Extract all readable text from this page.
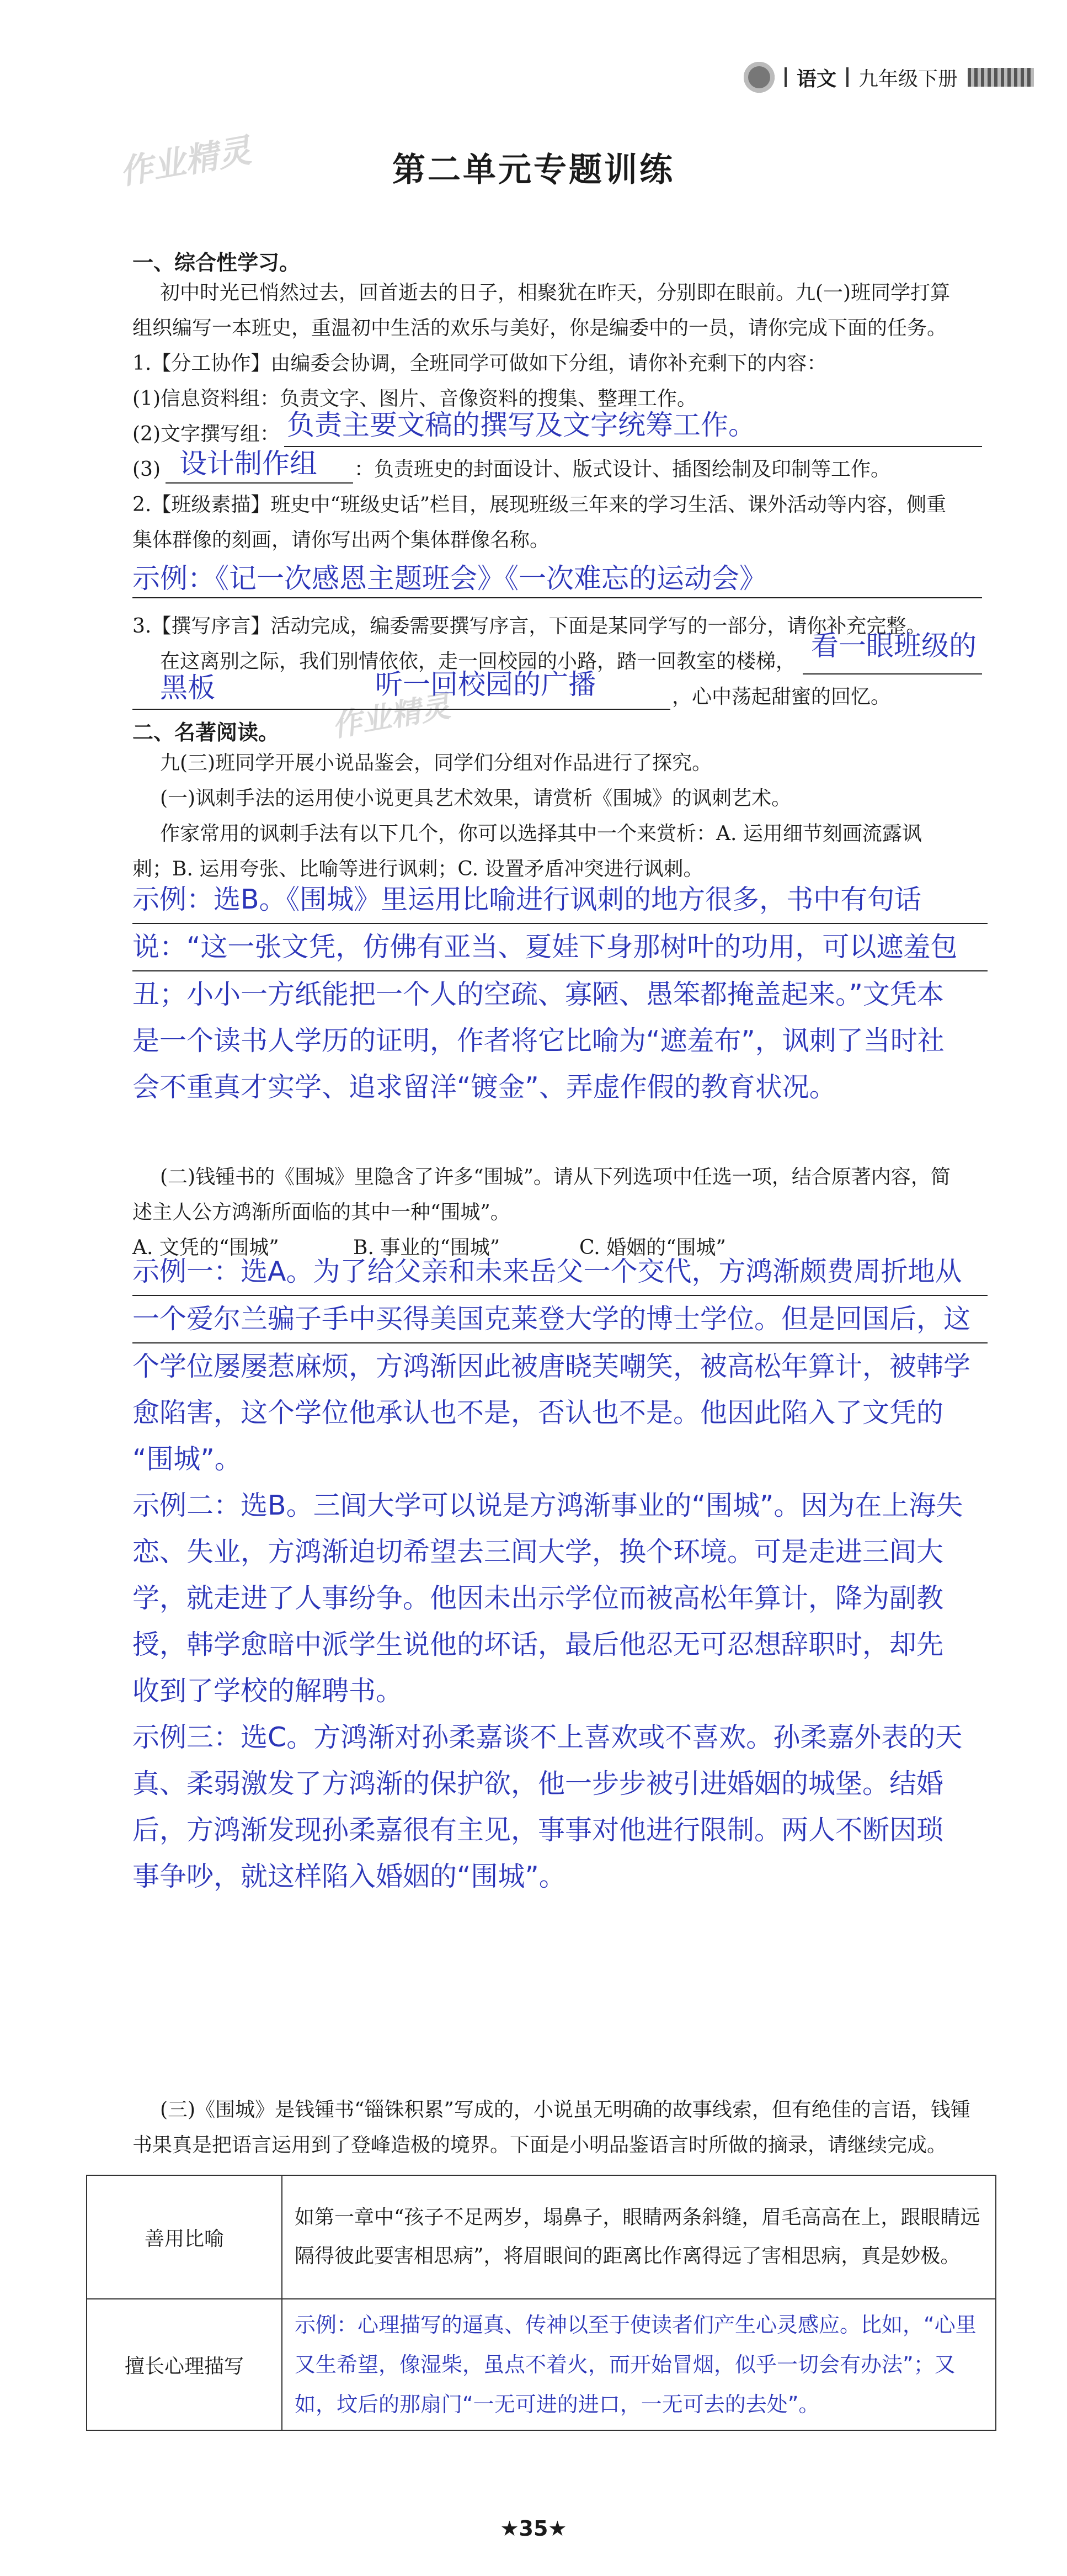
语文 九年级下册
作业精灵
作业精灵
第二单元专题训练
一、综合性学习。
初中时光已悄然过去，回首逝去的日子，相聚犹在昨天，分别即在眼前。九(一)班同学打算
组织编写一本班史，重温初中生活的欢乐与美好，你是编委中的一员，请你完成下面的任务。
1.【分工协作】由编委会协调，全班同学可做如下分组，请你补充剩下的内容：
(1)信息资料组：负责文字、图片、音像资料的搜集、整理工作。
(2)文字撰写组： 负责主要文稿的撰写及文字统筹工作。
(3) 设计制作组 ：负责班史的封面设计、版式设计、插图绘制及印制等工作。
2.【班级素描】班史中“班级史话”栏目，展现班级三年来的学习生活、课外活动等内容，侧重
集体群像的刻画，请你写出两个集体群像名称。
示例：《记一次感恩主题班会》《一次难忘的运动会》
3.【撰写序言】活动完成，编委需要撰写序言，下面是某同学写的一部分，请你补充完整。
在这离别之际，我们别情依依，走一回校园的小路，踏一回教室的楼梯， 看一眼班级的
黑板	听一回校园的广播	，心中荡起甜蜜的回忆。
二、名著阅读。
九(三)班同学开展小说品鉴会，同学们分组对作品进行了探究。
(一)讽刺手法的运用使小说更具艺术效果，请赏析《围城》的讽刺艺术。
作家常用的讽刺手法有以下几个，你可以选择其中一个来赏析：A. 运用细节刻画流露讽
刺；B. 运用夸张、比喻等进行讽刺；C. 设置矛盾冲突进行讽刺。

示例：选B。《围城》里运用比喻进行讽刺的地方很多，书中有句话

说：“这一张文凭，仿佛有亚当、夏娃下身那树叶的功用，可以遮羞包

丑；小小一方纸能把一个人的空疏、寡陋、愚笨都掩盖起来。”文凭本

是一个读书人学历的证明，作者将它比喻为“遮羞布”，讽刺了当时社

会不重真才实学、追求留洋“镀金”、弄虚作假的教育状况。

(二)钱锺书的《围城》里隐含了许多“围城”。请从下列选项中任选一项，结合原著内容，简
述主人公方鸿渐所面临的其中一种“围城”。
A. 文凭的“围城”	B. 事业的“围城”	C. 婚姻的“围城”

示例一：选A。为了给父亲和未来岳父一个交代，方鸿渐颇费周折地从

一个爱尔兰骗子手中买得美国克莱登大学的博士学位。但是回国后，这

个学位屡屡惹麻烦，方鸿渐因此被唐晓芙嘲笑，被高松年算计，被韩学

愈陷害，这个学位他承认也不是，否认也不是。他因此陷入了文凭的

“围城”。

示例二：选B。三闾大学可以说是方鸿渐事业的“围城”。因为在上海失

恋、失业，方鸿渐迫切希望去三闾大学，换个环境。可是走进三闾大

学，就走进了人事纷争。他因未出示学位而被高松年算计，降为副教

授，韩学愈暗中派学生说他的坏话，最后他忍无可忍想辞职时，却先

收到了学校的解聘书。

示例三：选C。方鸿渐对孙柔嘉谈不上喜欢或不喜欢。孙柔嘉外表的天

真、柔弱激发了方鸿渐的保护欲，他一步步被引进婚姻的城堡。结婚

后，方鸿渐发现孙柔嘉很有主见，事事对他进行限制。两人不断因琐

事争吵，就这样陷入婚姻的“围城”。

(三)《围城》是钱锺书“锱铢积累”写成的，小说虽无明确的故事线索，但有绝佳的言语，钱锺
书果真是把语言运用到了登峰造极的境界。下面是小明品鉴语言时所做的摘录，请继续完成。
善用比喻	如第一章中“孩子不足两岁，塌鼻子，眼睛两条斜缝，眉毛高高在上，跟眼睛远隔得彼此要害相思病”，将眉眼间的距离比作离得远了害相思病，真是妙极。
擅长心理描写	示例：心理描写的逼真、传神以至于使读者们产生心灵感应。比如，“心里又生希望，像湿柴，虽点不着火，而开始冒烟，似乎一切会有办法”；又如，坟后的那扇门“一无可进的进口，一无可去的去处”。
★35★
